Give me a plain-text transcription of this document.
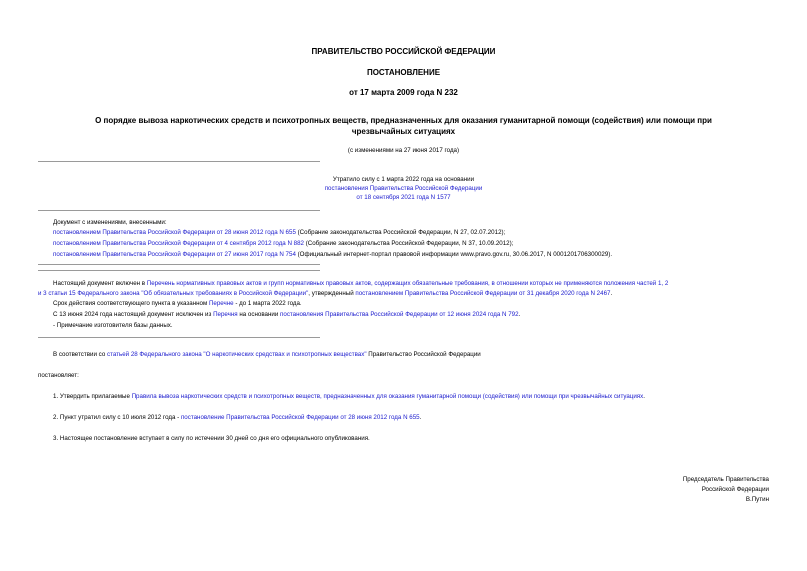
ПРАВИТЕЛЬСТВО РОССИЙСКОЙ ФЕДЕРАЦИИ
ПОСТАНОВЛЕНИЕ
от 17 марта 2009 года N 232
О порядке вывоза наркотических средств и психотропных веществ, предназначенных для оказания гуманитарной помощи (содействия) или помощи при
чрезвычайных ситуациях
(с изменениями на 27 июня 2017 года)
Утратило силу с 1 марта 2022 года на основании
постановления Правительства Российской Федерации
от 18 сентября 2021 года N 1577
Документ с изменениями, внесенными:
постановлением Правительства Российской Федерации от 28 июня 2012 года N 655 (Собрание законодательства Российской Федерации, N 27, 02.07.2012);
постановлением Правительства Российской Федерации от 4 сентября 2012 года N 882 (Собрание законодательства Российской Федерации, N 37, 10.09.2012);
постановлением Правительства Российской Федерации от 27 июня 2017 года N 754 (Официальный интернет-портал правовой информации www.pravo.gov.ru, 30.06.2017, N 0001201706300029).
Настоящий документ включен в Перечень нормативных правовых актов и групп нормативных правовых актов, содержащих обязательные требования, в отношении которых не применяются положения частей 1, 2
и 3 статьи 15 Федерального закона "Об обязательных требованиях в Российской Федерации", утвержденный постановлением Правительства Российской Федерации от 31 декабря 2020 года N 2467.
Срок действия соответствующего пункта в указанном Перечне - до 1 марта 2022 года.
С 13 июня 2024 года настоящий документ исключен из Перечня на основании постановления Правительства Российской Федерации от 12 июня 2024 года N 792.
- Примечание изготовителя базы данных.
В соответствии со статьей 28 Федерального закона "О наркотических средствах и психотропных веществах" Правительство Российской Федерации
постановляет:
1. Утвердить прилагаемые Правила вывоза наркотических средств и психотропных веществ, предназначенных для оказания гуманитарной помощи (содействия) или помощи при чрезвычайных ситуациях.
2. Пункт утратил силу с 10 июля 2012 года - постановление Правительства Российской Федерации от 28 июня 2012 года N 655.
3. Настоящее постановление вступает в силу по истечении 30 дней со дня его официального опубликования.
Председатель Правительства
Российской Федерации
В.Путин
